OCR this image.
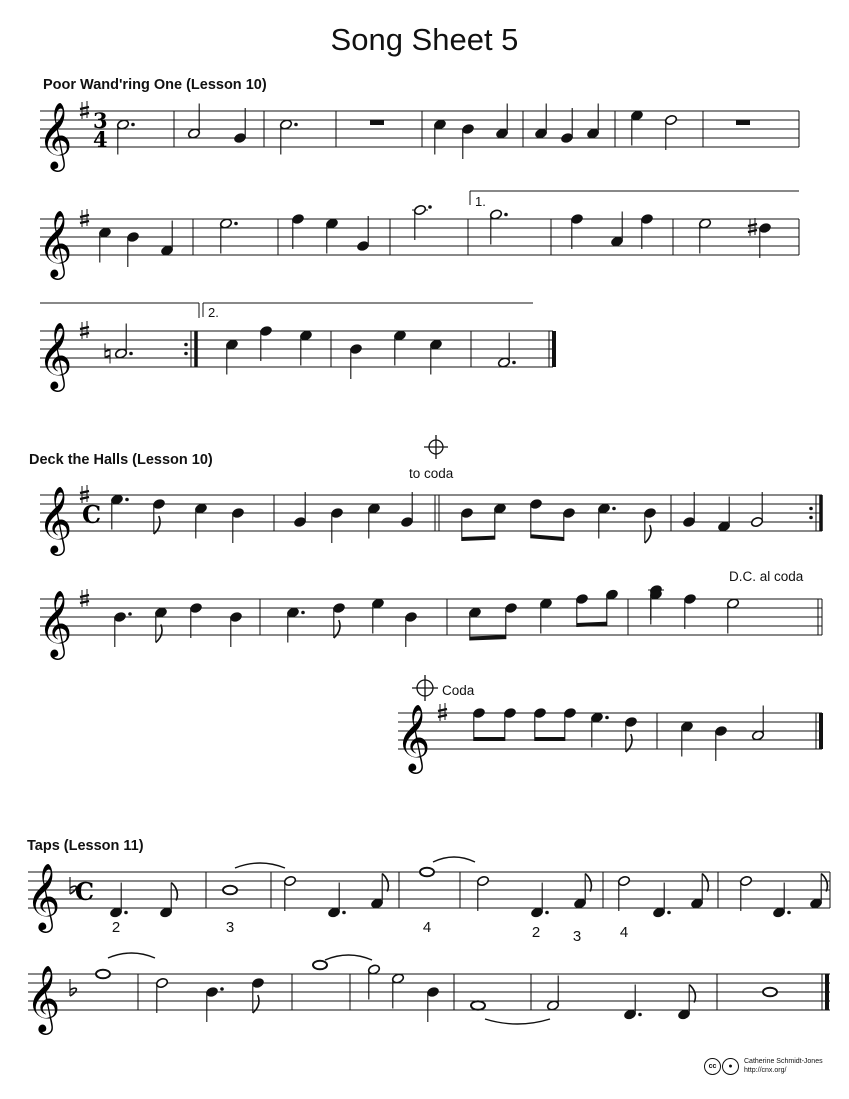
Song Sheet 5
Poor Wand'ring One (Lesson 10)
Deck the Halls (Lesson 10)
Taps (Lesson 11)
1.
2.
to coda
D.C. al coda
Coda
2	3	4	2	3	4
𝄞 3
4
𝄞
𝄞
𝄞 C
𝄞
𝄞
𝄞 C
𝄞
cc	●
Catherine Schmidt-Jones
http://cnx.org/
